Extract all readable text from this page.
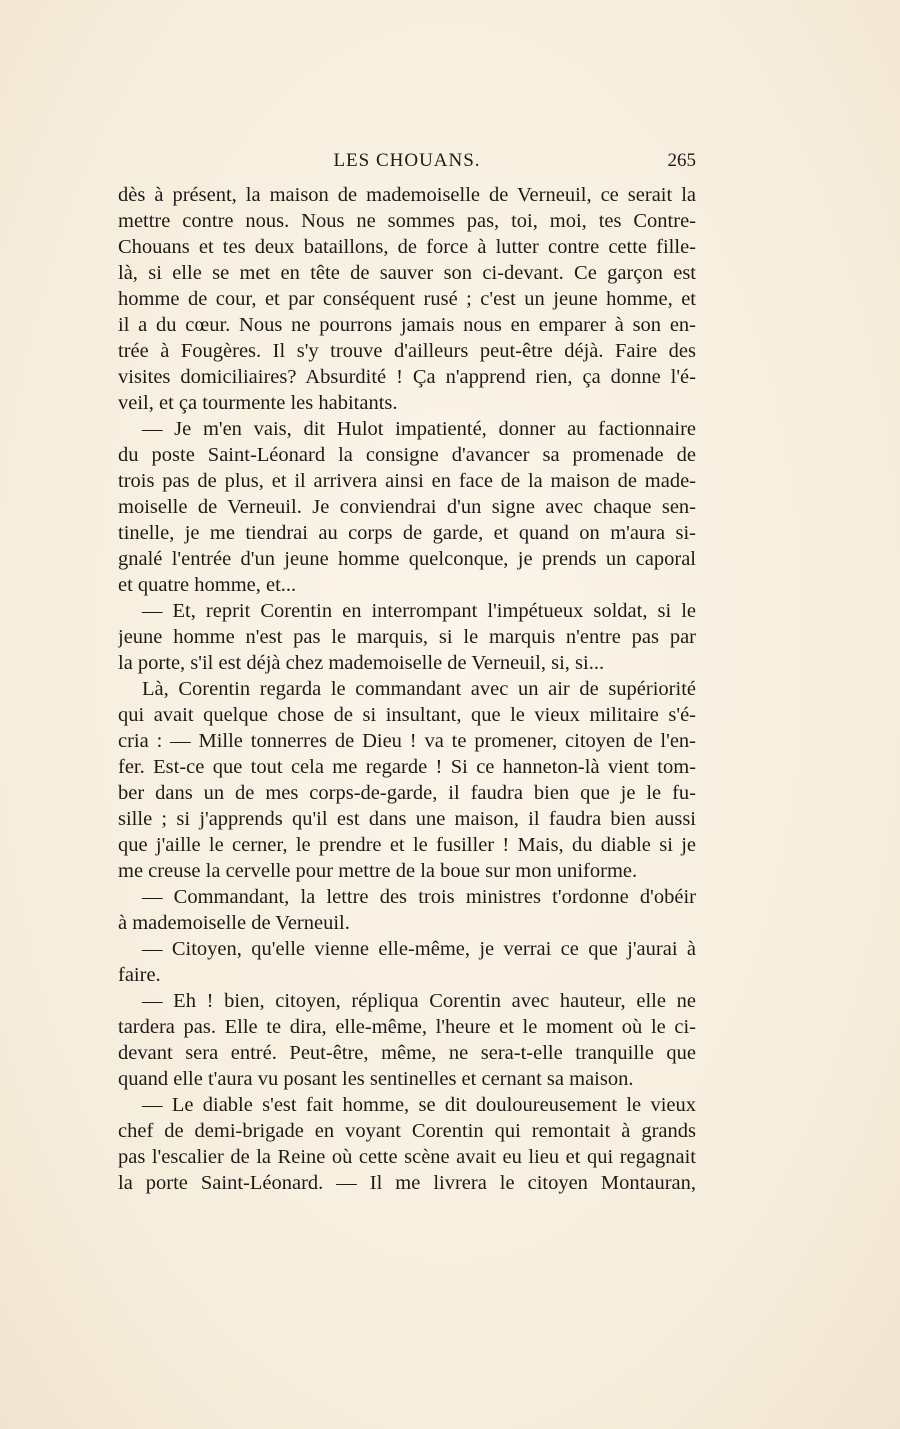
LES CHOUANS.	265
dès à présent, la maison de mademoiselle de Verneuil, ce serait la
mettre contre nous. Nous ne sommes pas, toi, moi, tes Contre-
Chouans et tes deux bataillons, de force à lutter contre cette fille-
là, si elle se met en tête de sauver son ci-devant. Ce garçon est
homme de cour, et par conséquent rusé ; c'est un jeune homme, et
il a du cœur. Nous ne pourrons jamais nous en emparer à son en-
trée à Fougères. Il s'y trouve d'ailleurs peut-être déjà. Faire des
visites domiciliaires? Absurdité ! Ça n'apprend rien, ça donne l'é-
veil, et ça tourmente les habitants.
— Je m'en vais, dit Hulot impatienté, donner au factionnaire
du poste Saint-Léonard la consigne d'avancer sa promenade de
trois pas de plus, et il arrivera ainsi en face de la maison de made-
moiselle de Verneuil. Je conviendrai d'un signe avec chaque sen-
tinelle, je me tiendrai au corps de garde, et quand on m'aura si-
gnalé l'entrée d'un jeune homme quelconque, je prends un caporal
et quatre homme, et...
— Et, reprit Corentin en interrompant l'impétueux soldat, si le
jeune homme n'est pas le marquis, si le marquis n'entre pas par
la porte, s'il est déjà chez mademoiselle de Verneuil, si, si...
Là, Corentin regarda le commandant avec un air de supériorité
qui avait quelque chose de si insultant, que le vieux militaire s'é-
cria : — Mille tonnerres de Dieu ! va te promener, citoyen de l'en-
fer. Est-ce que tout cela me regarde ! Si ce hanneton-là vient tom-
ber dans un de mes corps-de-garde, il faudra bien que je le fu-
sille ; si j'apprends qu'il est dans une maison, il faudra bien aussi
que j'aille le cerner, le prendre et le fusiller ! Mais, du diable si je
me creuse la cervelle pour mettre de la boue sur mon uniforme.
— Commandant, la lettre des trois ministres t'ordonne d'obéir
à mademoiselle de Verneuil.
— Citoyen, qu'elle vienne elle-même, je verrai ce que j'aurai à
faire.
— Eh ! bien, citoyen, répliqua Corentin avec hauteur, elle ne
tardera pas. Elle te dira, elle-même, l'heure et le moment où le ci-
devant sera entré. Peut-être, même, ne sera-t-elle tranquille que
quand elle t'aura vu posant les sentinelles et cernant sa maison.
— Le diable s'est fait homme, se dit douloureusement le vieux
chef de demi-brigade en voyant Corentin qui remontait à grands
pas l'escalier de la Reine où cette scène avait eu lieu et qui regagnait
la porte Saint-Léonard. — Il me livrera le citoyen Montauran,
